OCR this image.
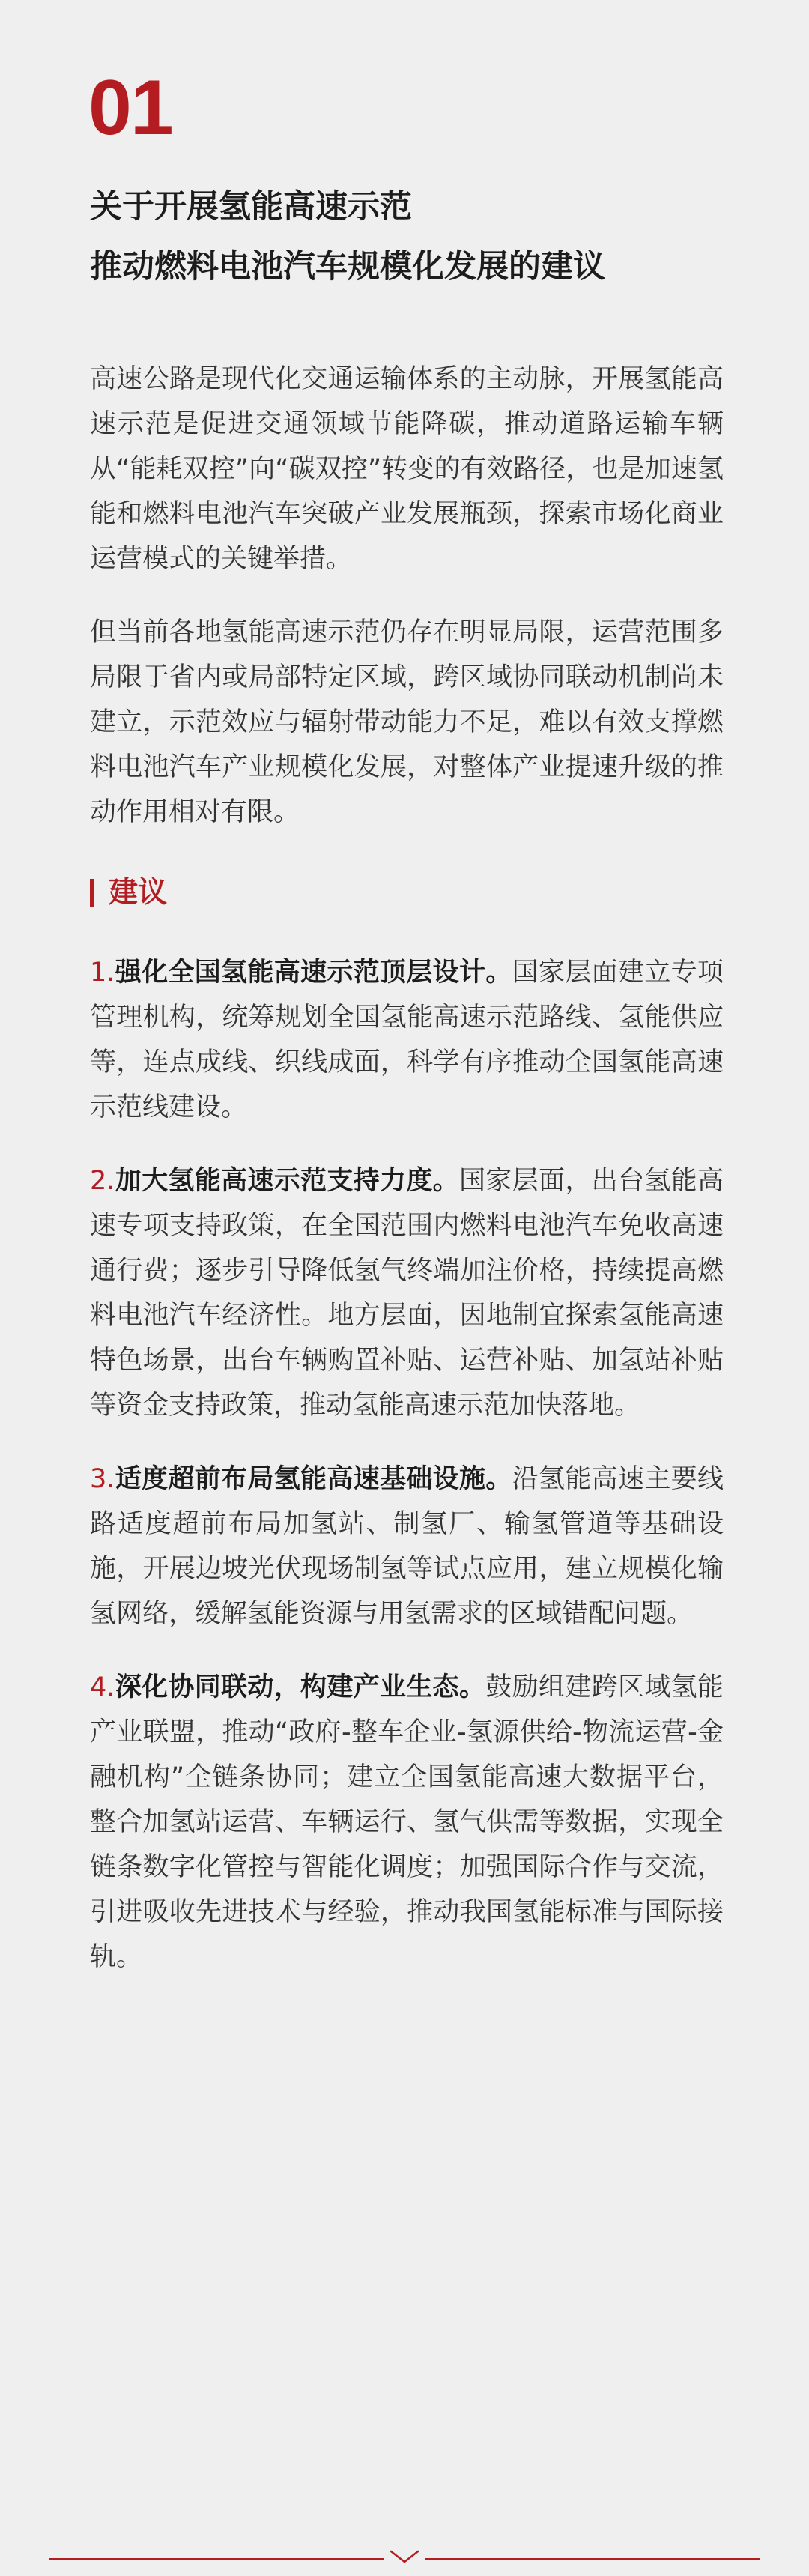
01
关于开展氢能高速示范
推动燃料电池汽车规模化发展的建议

高速公路是现代化交通运输体系的主动脉，开展氢能高速示范是促进交通领域节能降碳，推动道路运输车辆从“能耗双控”向“碳双控”转变的有效路径，也是加速氢能和燃料电池汽车突破产业发展瓶颈，探索市场化商业运营模式的关键举措。

但当前各地氢能高速示范仍存在明显局限，运营范围多局限于省内或局部特定区域，跨区域协同联动机制尚未建立，示范效应与辐射带动能力不足，难以有效支撑燃料电池汽车产业规模化发展，对整体产业提速升级的推动作用相对有限。

建议

1.强化全国氢能高速示范顶层设计。国家层面建立专项管理机构，统筹规划全国氢能高速示范路线、氢能供应等，连点成线、织线成面，科学有序推动全国氢能高速示范线建设。

2.加大氢能高速示范支持力度。国家层面，出台氢能高速专项支持政策，在全国范围内燃料电池汽车免收高速通行费；逐步引导降低氢气终端加注价格，持续提高燃料电池汽车经济性。地方层面，因地制宜探索氢能高速特色场景，出台车辆购置补贴、运营补贴、加氢站补贴等资金支持政策，推动氢能高速示范加快落地。

3.适度超前布局氢能高速基础设施。沿氢能高速主要线路适度超前布局加氢站、制氢厂、输氢管道等基础设施，开展边坡光伏现场制氢等试点应用，建立规模化输氢网络，缓解氢能资源与用氢需求的区域错配问题。

4.深化协同联动，构建产业生态。鼓励组建跨区域氢能产业联盟，推动“政府-整车企业-氢源供给-物流运营-金融机构”全链条协同；建立全国氢能高速大数据平台，整合加氢站运营、车辆运行、氢气供需等数据，实现全链条数字化管控与智能化调度；加强国际合作与交流，引进吸收先进技术与经验，推动我国氢能标准与国际接轨。
